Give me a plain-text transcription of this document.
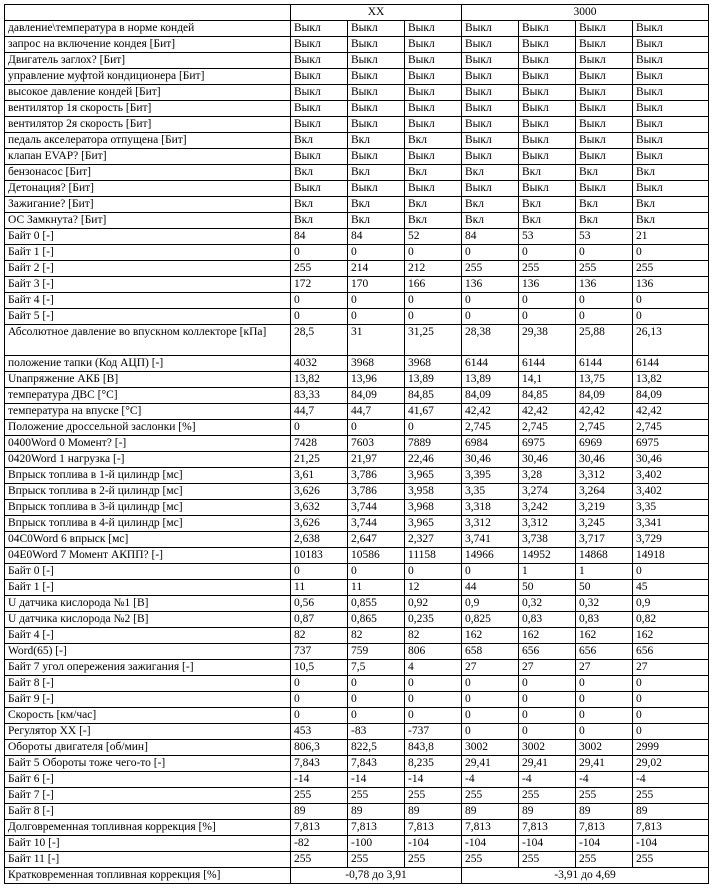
	ХХ			3000			
давление\температура в норме кондей	Выкл	Выкл	Выкл	Выкл	Выкл	Выкл	Выкл
запрос на включение кондея [Бит]	Выкл	Выкл	Выкл	Выкл	Выкл	Выкл	Выкл
Двигатель заглох? [Бит]	Выкл	Выкл	Выкл	Выкл	Выкл	Выкл	Выкл
управление муфтой кондиционера [Бит]	Выкл	Выкл	Выкл	Выкл	Выкл	Выкл	Выкл
высокое давление кондей [Бит]	Выкл	Выкл	Выкл	Выкл	Выкл	Выкл	Выкл
вентилятор 1я скорость [Бит]	Выкл	Выкл	Выкл	Выкл	Выкл	Выкл	Выкл
вентилятор 2я скорость [Бит]	Выкл	Выкл	Выкл	Выкл	Выкл	Выкл	Выкл
педаль акселератора отпущена [Бит]	Вкл	Вкл	Вкл	Выкл	Выкл	Выкл	Выкл
клапан EVAP? [Бит]	Выкл	Выкл	Выкл	Выкл	Выкл	Выкл	Выкл
бензонасос [Бит]	Вкл	Вкл	Вкл	Вкл	Вкл	Вкл	Вкл
Детонация? [Бит]	Выкл	Выкл	Выкл	Выкл	Выкл	Выкл	Выкл
Зажигание? [Бит]	Вкл	Вкл	Вкл	Вкл	Вкл	Вкл	Вкл
ОС Замкнута? [Бит]	Вкл	Вкл	Вкл	Вкл	Вкл	Вкл	Вкл
Байт 0 [-]	84	84	52	84	53	53	21
Байт 1 [-]	0	0	0	0	0	0	0
Байт 2 [-]	255	214	212	255	255	255	255
Байт 3 [-]	172	170	166	136	136	136	136
Байт 4 [-]	0	0	0	0	0	0	0
Байт 5 [-]	0	0	0	0	0	0	0
Абсолютное давление во впускном коллекторе [кПа]	28,5	31	31,25	28,38	29,38	25,88	26,13
положение тапки (Код АЦП) [-]	4032	3968	3968	6144	6144	6144	6144
Unапряжение АКБ [В]	13,82	13,96	13,89	13,89	14,1	13,75	13,82
температура ДВС [°С]	83,33	84,09	84,85	84,09	84,85	84,09	84,09
температура на впуске [°С]	44,7	44,7	41,67	42,42	42,42	42,42	42,42
Положение дроссельной заслонки [%]	0	0	0	2,745	2,745	2,745	2,745
0400Word 0 Момент? [-]	7428	7603	7889	6984	6975	6969	6975
0420Word 1 нагрузка [-]	21,25	21,97	22,46	30,46	30,46	30,46	30,46
Впрыск топлива в 1-й цилиндр [мс]	3,61	3,786	3,965	3,395	3,28	3,312	3,402
Впрыск топлива в 2-й цилиндр [мс]	3,626	3,786	3,958	3,35	3,274	3,264	3,402
Впрыск топлива в 3-й цилиндр [мс]	3,632	3,744	3,968	3,318	3,242	3,219	3,35
Впрыск топлива в 4-й цилиндр [мс]	3,626	3,744	3,965	3,312	3,312	3,245	3,341
04C0Word 6 впрыск [мс]	2,638	2,647	2,327	3,741	3,738	3,717	3,729
04E0Word 7 Момент АКПП? [-]	10183	10586	11158	14966	14952	14868	14918
Байт 0 [-]	0	0	0	0	1	1	0
Байт 1 [-]	11	11	12	44	50	50	45
U датчика кислорода №1 [В]	0,56	0,855	0,92	0,9	0,32	0,32	0,9
U датчика кислорода №2 [В]	0,87	0,865	0,235	0,825	0,83	0,83	0,82
Байт 4 [-]	82	82	82	162	162	162	162
Word(65) [-]	737	759	806	658	656	656	656
Байт 7 угол опережения зажигания [-]	10,5	7,5	4	27	27	27	27
Байт 8 [-]	0	0	0	0	0	0	0
Байт 9 [-]	0	0	0	0	0	0	0
Скорость [км/час]	0	0	0	0	0	0	0
Регулятор ХХ [-]	453	-83	-737	0	0	0	0
Обороты двигателя [об/мин]	806,3	822,5	843,8	3002	3002	3002	2999
Байт 5 Обороты тоже чего-то [-]	7,843	7,843	8,235	29,41	29,41	29,41	29,02
Байт 6 [-]	-14	-14	-14	-4	-4	-4	-4
Байт 7 [-]	255	255	255	255	255	255	255
Байт 8 [-]	89	89	89	89	89	89	89
Долговременная топливная коррекция [%]	7,813	7,813	7,813	7,813	7,813	7,813	7,813
Байт 10 [-]	-82	-100	-104	-104	-104	-104	-104
Байт 11 [-]	255	255	255	255	255	255	255
Кратковременная топливная коррекция [%]	-0,78 до 3,91			-3,91 до 4,69			
